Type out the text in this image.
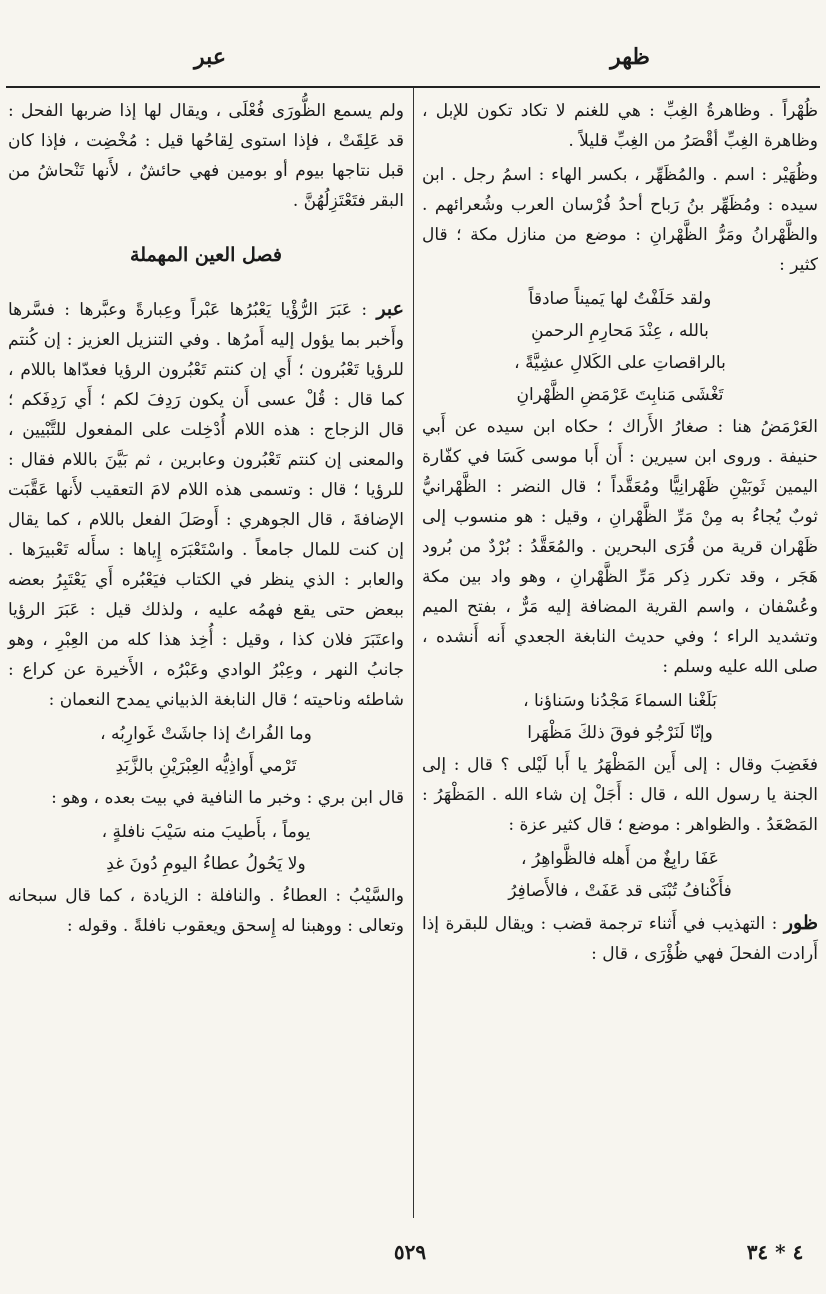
ظهر
عبر

ظُهْراً . وظاهرةُ الغِبِّ : هي للغنم لا تكاد تكون للإبل ، وظاهرة الغِبِّ أقْصَرُ من الغِبِّ قليلاً .

وظُهَيْر : اسم . والمُظَهِّر ، بكسر الهاء : اسمُ رجل . ابن سيده : ومُظَهِّر بنُ رَباح أحدُ فُرْسان العرب وشُعرائهم . والظَّهْرانُ ومَرُّ الظَّهْرانِ : موضع من منازل مكة ؛ قال كثير :

ولقد حَلَفْتُ لها يَميناً صادقاً
بالله ، عِنْدَ مَحارِمِ الرحمنِ
بالراقصاتِ على الكَلالِ عشِيَّةً ،
تَغْشَى مَنابِتَ عَرْمَضِ الظَّهْرانِ

العَرْمَضُ هنا : صغارُ الأَراك ؛ حكاه ابن سيده عن أَبي حنيفة . وروى ابن سيرين : أَن أَبا موسى كَسَا في كفّارة اليمين ثَوبَيْنِ ظَهْرانِيًّا ومُعَقَّداً ؛ قال النضر : الظَّهْرانيُّ ثوبٌ يُجاءُ به مِنْ مَرِّ الظَّهْرانِ ، وقيل : هو منسوب إلى ظَهْران قرية من قُرَى البحرين . والمُعَقَّدُ : بُرْدٌ من بُرود هَجَر ، وقد تكرر ذِكر مَرِّ الظَّهْرانِ ، وهو واد بين مكة وعُسْفان ، واسم القرية المضافة إليه مَرٌّ ، بفتح الميم وتشديد الراء ؛ وفي حديث النابغة الجعدي أَنه أَنشده ، صلى الله عليه وسلم :

بَلَغْنا السماءَ مَجْدُنا وسَناؤنا ،
وإنّا لَنَرْجُو فوقَ ذلكَ مَظْهَرا

فغَضِبَ وقال : إلى أَين المَظْهَرُ يا أَبا لَيْلى ؟ قال : إلى الجنة يا رسول الله ، قال : أَجَلْ إن شاء الله . المَظْهَرُ : المَصْعَدُ . والظواهر : موضع ؛ قال كثير عزة :

عَفَا رابِغٌ من أَهله فالظَّواهِرُ ،
فأَكْنافُ تُبْنَى قد عَفَتْ ، فالأَصافِرُ

ظور : التهذيب في أَثناء ترجمة قضب : ويقال للبقرة إذا أَرادت الفحلَ فهي ظُؤْرَى ، قال :

ولم يسمع الظُّورَى فُعْلَى ، ويقال لها إذا ضربها الفحل : قد عَلِقَتْ ، فإذا استوى لِقاحُها قيل : مُخْضِت ، فإذا كان قبل نتاجها بيوم أو بومين فهي حائشٌ ، لأَنها تَنْحاشُ من البقر فتَعْتَزِلُهُنَّ .

فصل العين المهملة

عبر : عَبَرَ الرُّؤْيا يَعْبُرُها عَبْراً وعِبارةً وعبَّرها : فسَّرها وأَخبر بما يؤول إليه أَمرُها . وفي التنزيل العزيز : إن كُنتم للرؤيا تَعْبُرون ؛ أَي إن كنتم تَعْبُرون الرؤيا فعدّاها باللام ، كما قال : قُلْ عسى أَن يكون رَدِفَ لكم ؛ أَي رَدِفَكم ؛ قال الزجاج : هذه اللام أُدْخِلت على المفعول للتَّبْيين ، والمعنى إن كنتم تَعْبُرون وعابرين ، ثم بَيَّنَ باللام فقال : للرؤيا ؛ قال : وتسمى هذه اللام لامَ التعقيب لأَنها عَقَّبَت الإضافةَ ، قال الجوهري : أَوصَلَ الفعل باللام ، كما يقال إن كنت للمال جامعاً . واسْتَعْبَرَه إِياها : سأَله تَعْبيرَها . والعابر : الذي ينظر في الكتاب فيَعْبُره أَي يَعْتَبِرُ بعضه ببعض حتى يقع فهمُه عليه ، ولذلك قيل : عَبَرَ الرؤيا واعتَبَرَ فلان كذا ، وقيل : أُخِذ هذا كله من العِبْرِ ، وهو جانبُ النهر ، وعِبْرُ الوادي وعَبْرُه ، الأَخيرة عن كراع : شاطئه وناحيته ؛ قال النابغة الذبياني يمدح النعمان :

وما الفُراتُ إذا جاشَتْ غَوارِبُه ،
تَرْمي أَواذِيُّه العِبْرَيْنِ بالزَّبَدِ

قال ابن بري : وخبر ما النافية في بيت بعده ، وهو :

يوماً ، بأَطيبَ منه سَيْبَ نافلةٍ ،
ولا يَحُولُ عطاءُ اليومِ دُونَ غدِ

والسَّيْبُ : العطاءُ . والنافلة : الزيادة ، كما قال سبحانه وتعالى : ووهبنا له إِسحق ويعقوب نافلةً . وقوله :

٥٢٩	٤ * ٣٤
